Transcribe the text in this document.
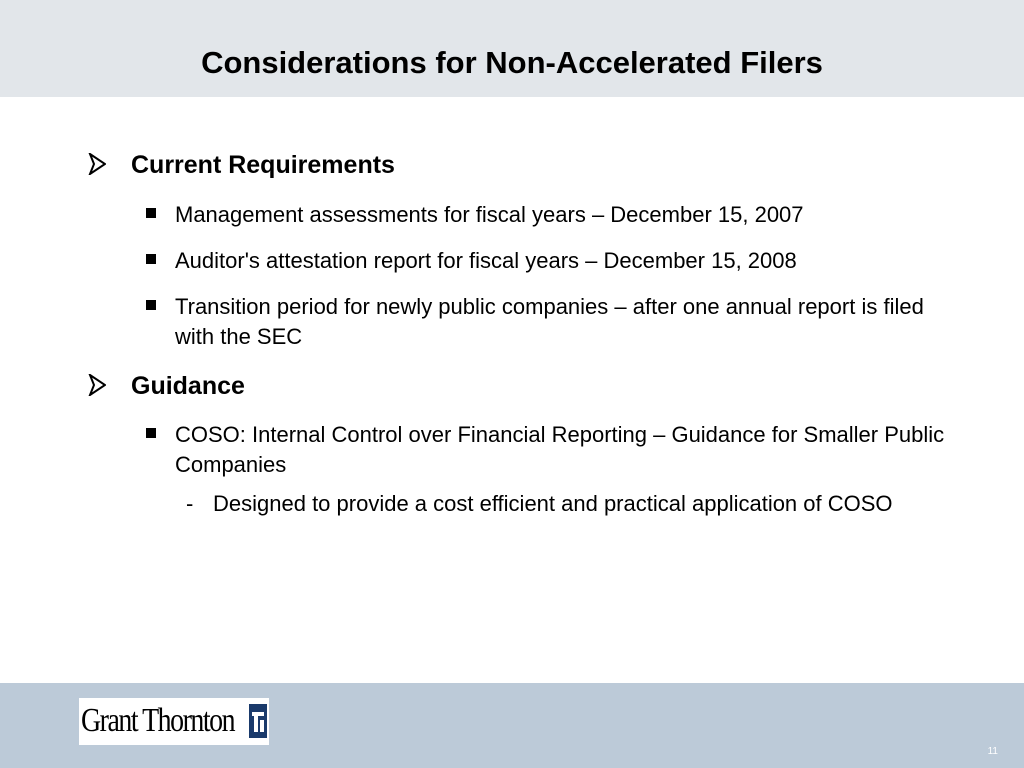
Considerations for Non-Accelerated Filers
Current Requirements
Management assessments for fiscal years – December 15, 2007
Auditor's attestation report for fiscal years – December 15, 2008
Transition period for newly public companies – after one annual report is filed with the SEC
Guidance
COSO: Internal Control over Financial Reporting – Guidance for Smaller Public Companies
- Designed to provide a cost efficient and practical application of COSO
Grant Thornton
11
